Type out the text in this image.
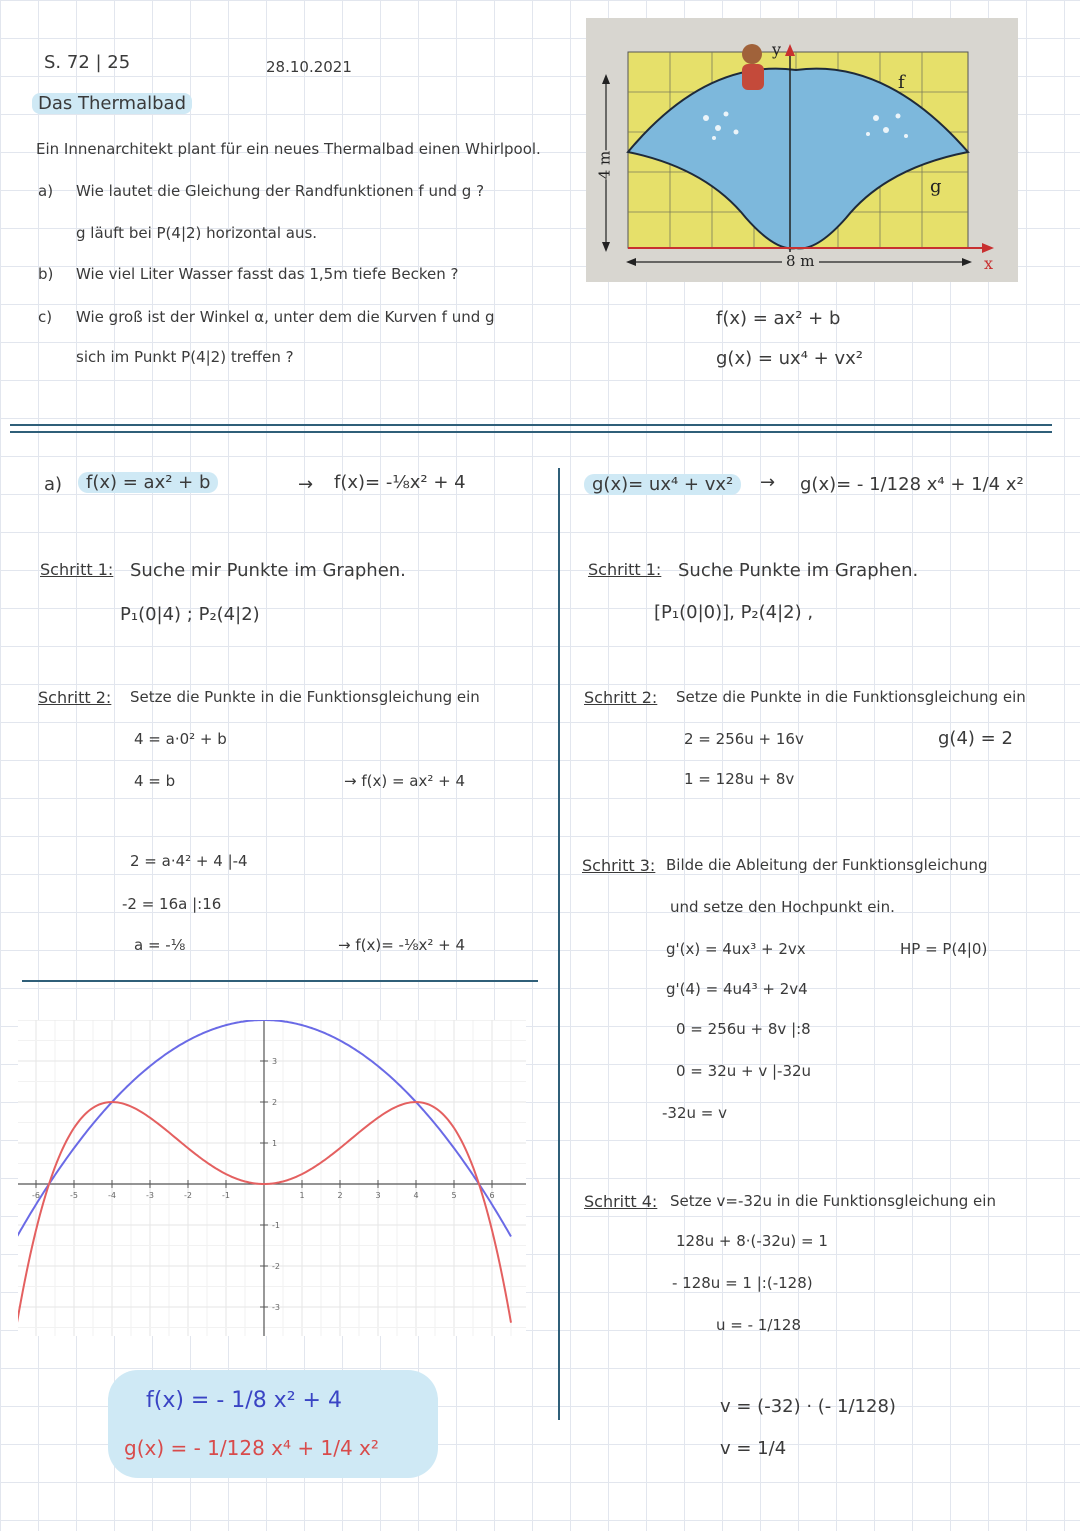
S. 72 | 25	28.10.2021
Das Thermalbad
Ein Innenarchitekt plant für ein neues Thermalbad einen Whirlpool.
a) Wie lautet die Gleichung der Randfunktionen f und g ?
g läuft bei P(4|2) horizontal aus.
b) Wie viel Liter Wasser fasst das 1,5m tiefe Becken ?
c) Wie groß ist der Winkel α, unter dem die Kurven f und g
sich im Punkt P(4|2) treffen ?
y
x
f
g
4 m
8 m
f(x) = ax² + b
g(x) = ux⁴ + vx²
a)	f(x) = ax² + b	→ f(x)= -⅛x² + 4
Schritt 1: Suche mir Punkte im Graphen.
P₁(0|4) ; P₂(4|2)
Schritt 2: Setze die Punkte in die Funktionsgleichung ein
4 = a·0² + b
4 = b	→ f(x) = ax² + 4
2 = a·4² + 4 |-4
-2 = 16a |:16
a = -⅛	→ f(x)= -⅛x² + 4
-6	-5	-4	-3	-2	-1	1	2	3	4	5	6
3
2
1
-1
-2
-3
f(x) = - 1/8 x² + 4
g(x) = - 1/128 x⁴ + 1/4 x²
g(x)= ux⁴ + vx²	→ g(x)= - 1/128 x⁴ + 1/4 x²
Schritt 1: Suche Punkte im Graphen.
[P₁(0|0)], P₂(4|2) ,
Schritt 2: Setze die Punkte in die Funktionsgleichung ein
2 = 256u + 16v	g(4) = 2
1 = 128u + 8v
Schritt 3: Bilde die Ableitung der Funktionsgleichung
und setze den Hochpunkt ein.
g'(x) = 4ux³ + 2vx	HP = P(4|0)
g'(4) = 4u4³ + 2v4
0 = 256u + 8v |:8
0 = 32u + v |-32u
-32u = v
Schritt 4: Setze v=-32u in die Funktionsgleichung ein
128u + 8·(-32u) = 1
- 128u = 1 |:(-128)
u = - 1/128
v = (-32) · (- 1/128)
v = 1/4
